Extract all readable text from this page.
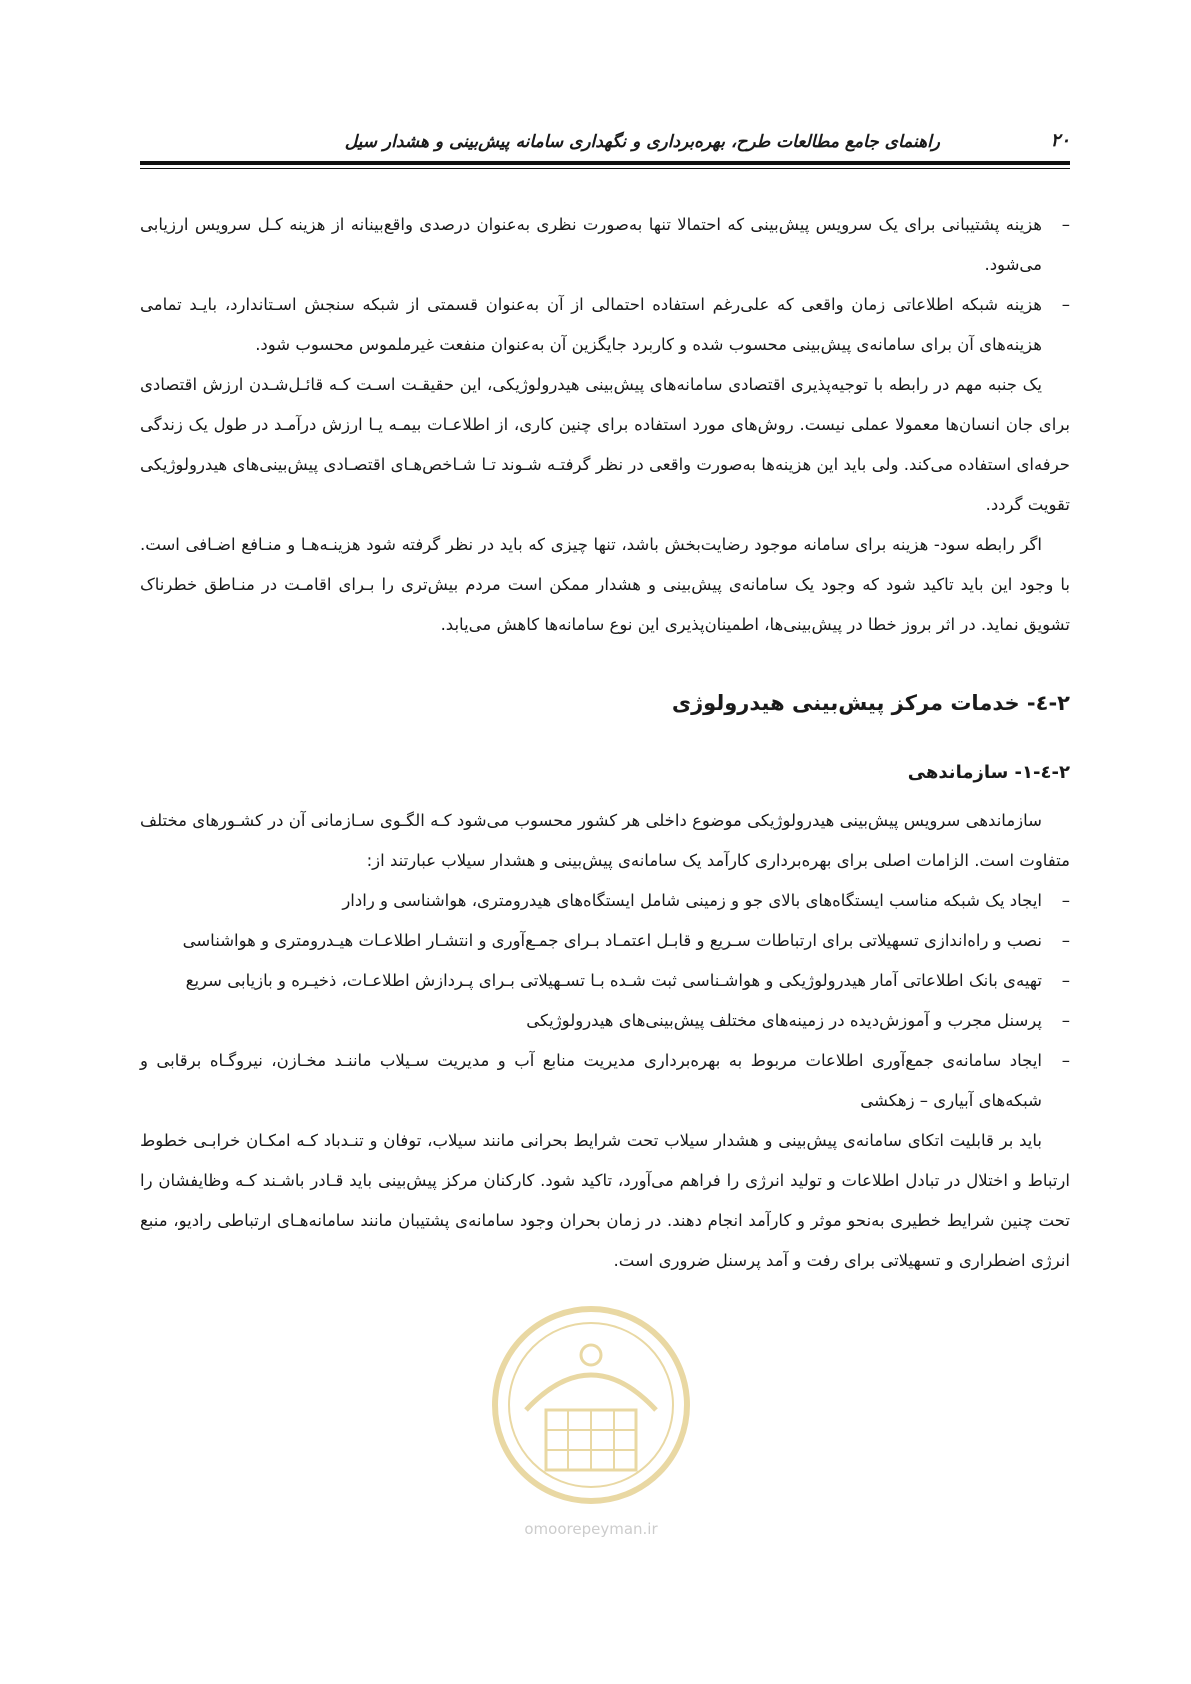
راهنمای جامع مطالعات طرح، بهره‌برداری و نگهداری سامانه پیش‌بینی و هشدار سیل	۲۰

–
هزینه پشتیبانی برای یک سرویس پیش‌بینی که احتمالا تنها به‌صورت نظری به‌عنوان درصدی واقع‌بینانه از هزینه کـل سرویس ارزیابی می‌شود.

–
هزینه شبکه اطلاعاتی زمان واقعی که علی‌رغم استفاده احتمالی از آن به‌عنوان قسمتی از شبکه سنجش اسـتاندارد، بایـد تمامی هزینه‌های آن برای سامانه‌ی پیش‌بینی محسوب شده و کاربرد جایگزین آن به‌عنوان منفعت غیرملموس محسوب شود.

یک جنبه مهم در رابطه با توجیه‌پذیری اقتصادی سامانه‌های پیش‌بینی هیدرولوژیکی، این حقیقـت اسـت کـه قائـل‌شـدن ارزش اقتصادی برای جان انسان‌ها معمولا عملی نیست. روش‌های مورد استفاده برای چنین کاری، از اطلاعـات بیمـه یـا ارزش درآمـد در طول یک زندگی حرفه‌ای استفاده می‌کند. ولی باید این هزینه‌ها به‌صورت واقعی در نظر گرفتـه شـوند تـا شـاخص‌هـای اقتصـادی پیش‌بینی‌های هیدرولوژیکی تقویت گردد.

اگر رابطه سود- هزینه برای سامانه موجود رضایت‌بخش باشد، تنها چیزی که باید در نظر گرفته شود هزینـه‌هـا و منـافع اضـافی است. با وجود این باید تاکید شود که وجود یک سامانه‌ی پیش‌بینی و هشدار ممکن است مردم بیش‌تری را بـرای اقامـت در منـاطق خطرناک تشویق نماید. در اثر بروز خطا در پیش‌بینی‌ها، اطمینان‌پذیری این نوع سامانه‌ها کاهش می‌یابد.

۲-٤- خدمات مرکز پیش‌بینی هیدرولوژی

۲-٤-۱- سازماندهی

سازماندهی سرویس پیش‌بینی هیدرولوژیکی موضوع داخلی هر کشور محسوب می‌شود کـه الگـوی سـازمانی آن در کشـورهای مختلف متفاوت است. الزامات اصلی برای بهره‌برداری کارآمد یک سامانه‌ی پیش‌بینی و هشدار سیلاب عبارتند از:

–
ایجاد یک شبکه مناسب ایستگاه‌های بالای جو و زمینی شامل ایستگاه‌های هیدرومتری، هواشناسی و رادار

–
نصب و راه‌اندازی تسهیلاتی برای ارتباطات سـریع و قابـل اعتمـاد بـرای جمـع‌آوری و انتشـار اطلاعـات هیـدرومتری و هواشناسی

–
تهیه‌ی بانک اطلاعاتی آمار هیدرولوژیکی و هواشـناسی ثبت شـده بـا تسـهیلاتی بـرای پـردازش اطلاعـات، ذخیـره و بازیابی سریع

–
پرسنل مجرب و آموزش‌دیده در زمینه‌های مختلف پیش‌بینی‌های هیدرولوژیکی

–
ایجاد سامانه‌ی جمع‌آوری اطلاعات مربوط به بهره‌برداری مدیریت منابع آب و مدیریت سـیلاب ماننـد مخـازن، نیروگـاه برقابی و شبکه‌های آبیاری – زهکشی

باید بر قابلیت اتکای سامانه‌ی پیش‌بینی و هشدار سیلاب تحت شرایط بحرانی مانند سیلاب، توفان و تنـدباد کـه امکـان خرابـی خطوط ارتباط و اختلال در تبادل اطلاعات و تولید انرژی را فراهم می‌آورد، تاکید شود. کارکنان مرکز پیش‌بینی باید قـادر باشـند کـه وظایفشان را تحت چنین شرایط خطیری به‌نحو موثر و کارآمد انجام دهند. در زمان بحران وجود سامانه‌ی پشتیبان مانند سامانه‌هـای ارتباطی رادیو، منبع انرژی اضطراری و تسهیلاتی برای رفت و آمد پرسنل ضروری است.

omoorepeyman.ir
